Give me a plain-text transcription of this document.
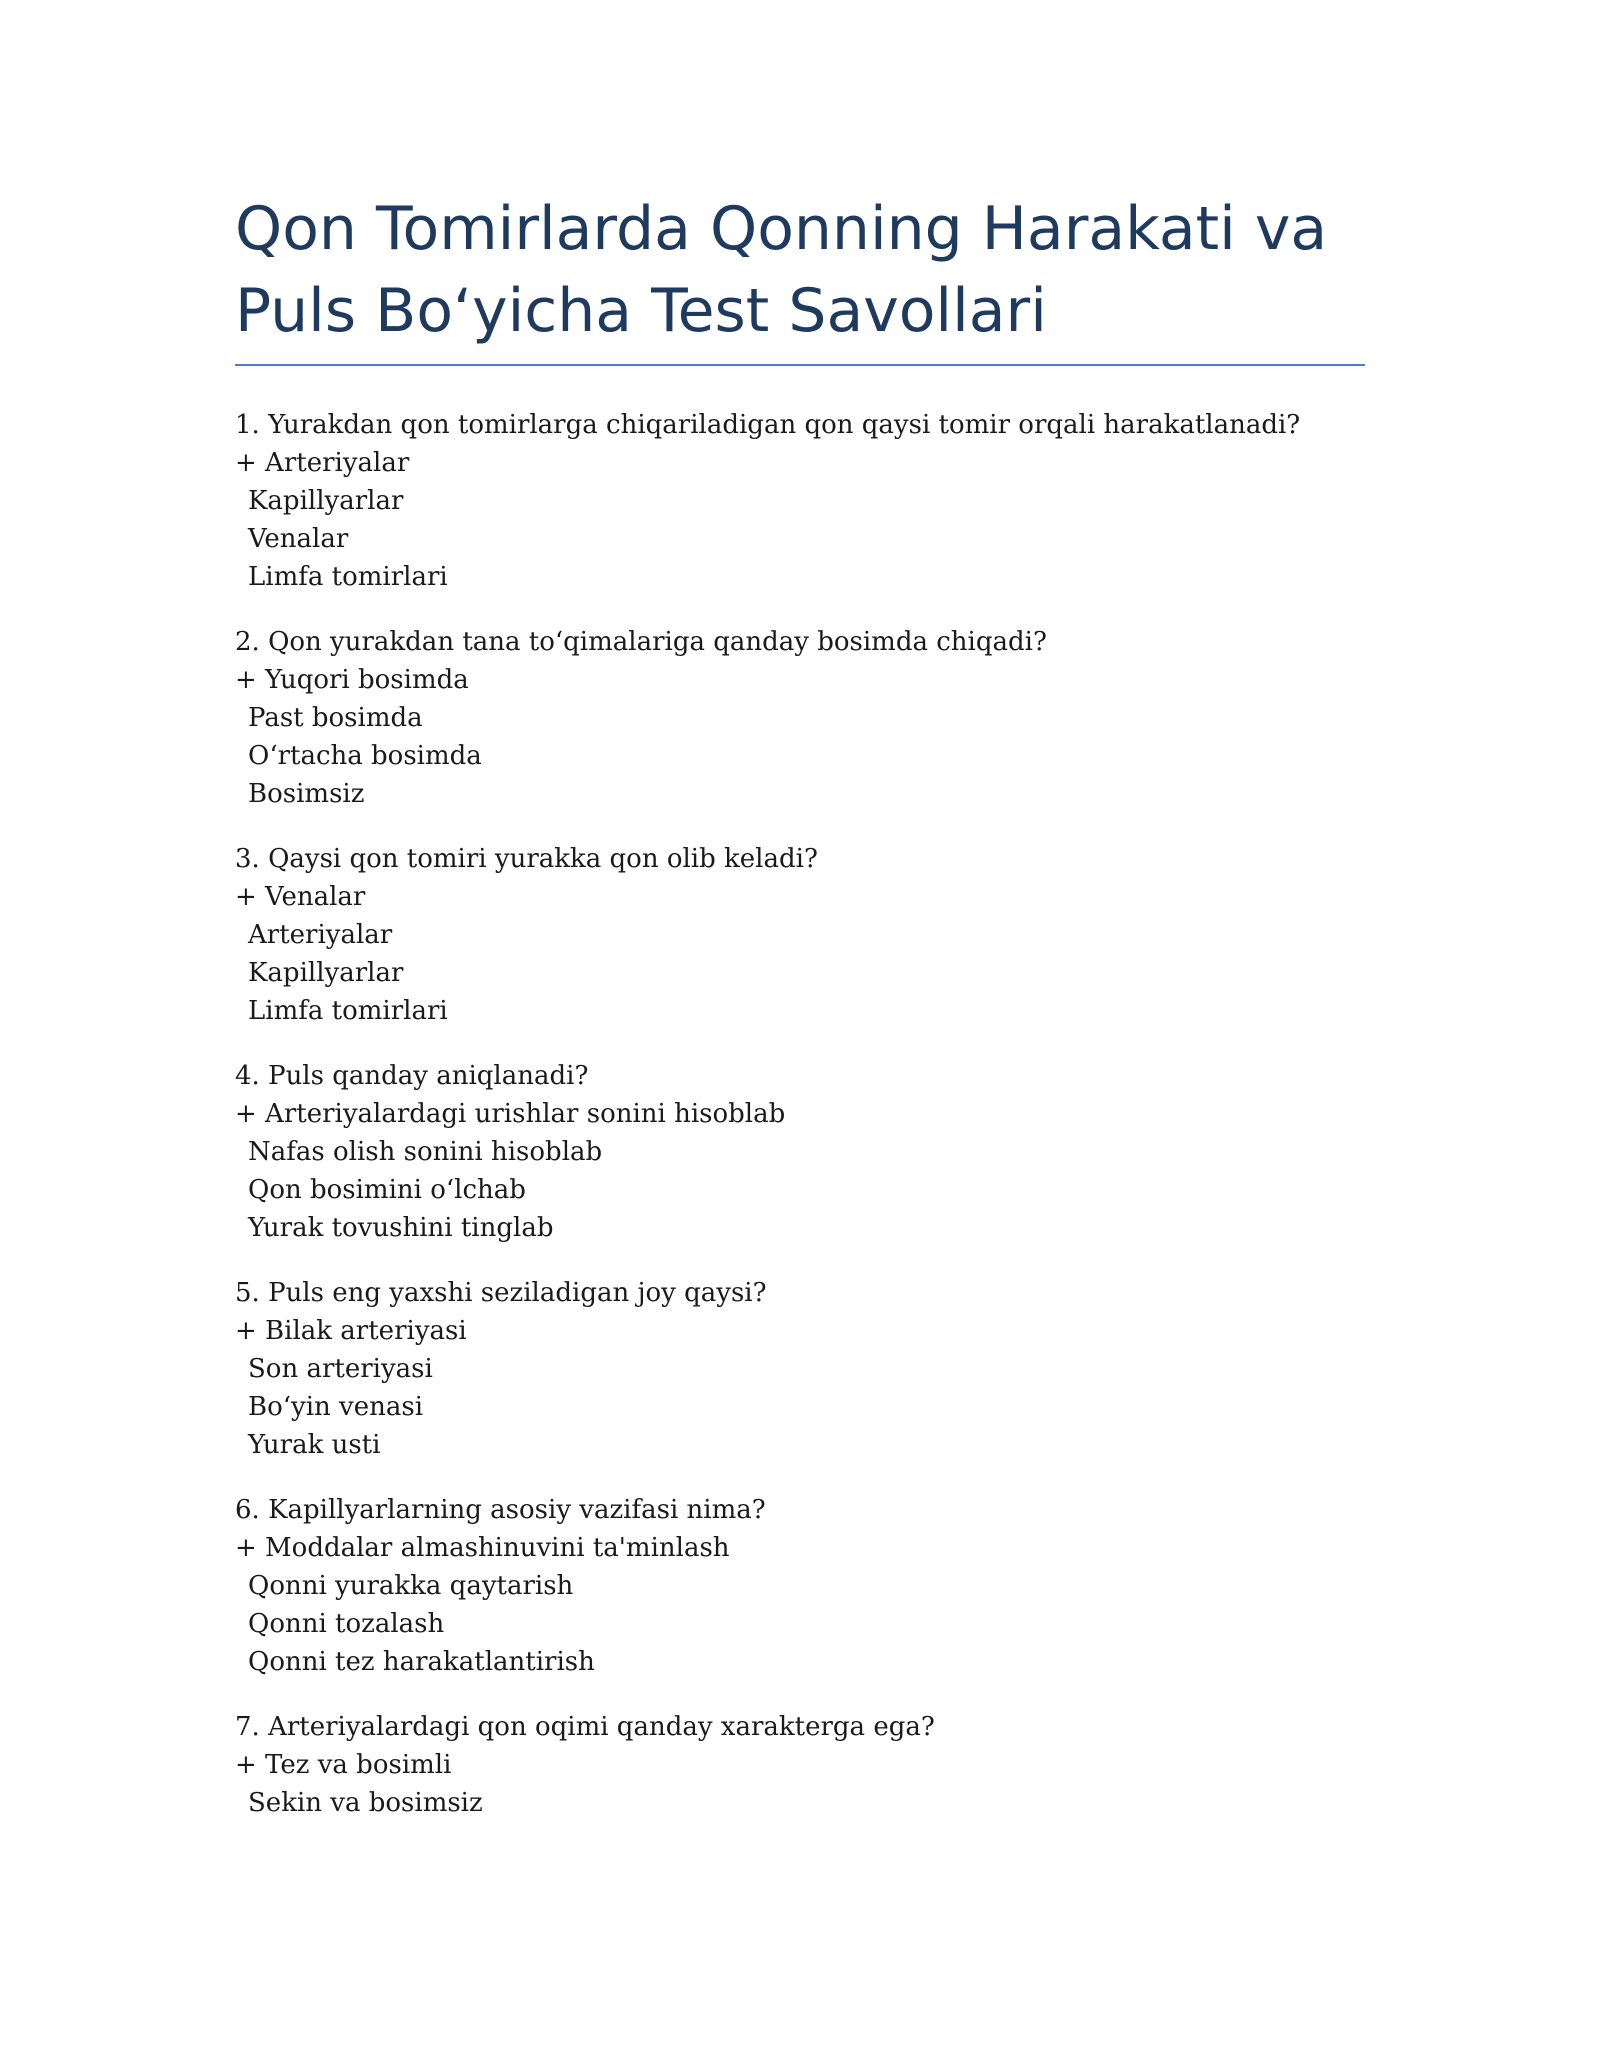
Qon Tomirlarda Qonning Harakati va Puls Bo‘yicha Test Savollari
1. Yurakdan qon tomirlarga chiqariladigan qon qaysi tomir orqali harakatlanadi?
+ Arteriyalar
Kapillyarlar
Venalar
Limfa tomirlari
2. Qon yurakdan tana to‘qimalariga qanday bosimda chiqadi?
+ Yuqori bosimda
Past bosimda
O‘rtacha bosimda
Bosimsiz
3. Qaysi qon tomiri yurakka qon olib keladi?
+ Venalar
Arteriyalar
Kapillyarlar
Limfa tomirlari
4. Puls qanday aniqlanadi?
+ Arteriyalardagi urishlar sonini hisoblab
Nafas olish sonini hisoblab
Qon bosimini o‘lchab
Yurak tovushini tinglab
5. Puls eng yaxshi seziladigan joy qaysi?
+ Bilak arteriyasi
Son arteriyasi
Bo‘yin venasi
Yurak usti
6. Kapillyarlarning asosiy vazifasi nima?
+ Moddalar almashinuvini ta'minlash
Qonni yurakka qaytarish
Qonni tozalash
Qonni tez harakatlantirish
7. Arteriyalardagi qon oqimi qanday xarakterga ega?
+ Tez va bosimli
Sekin va bosimsiz
